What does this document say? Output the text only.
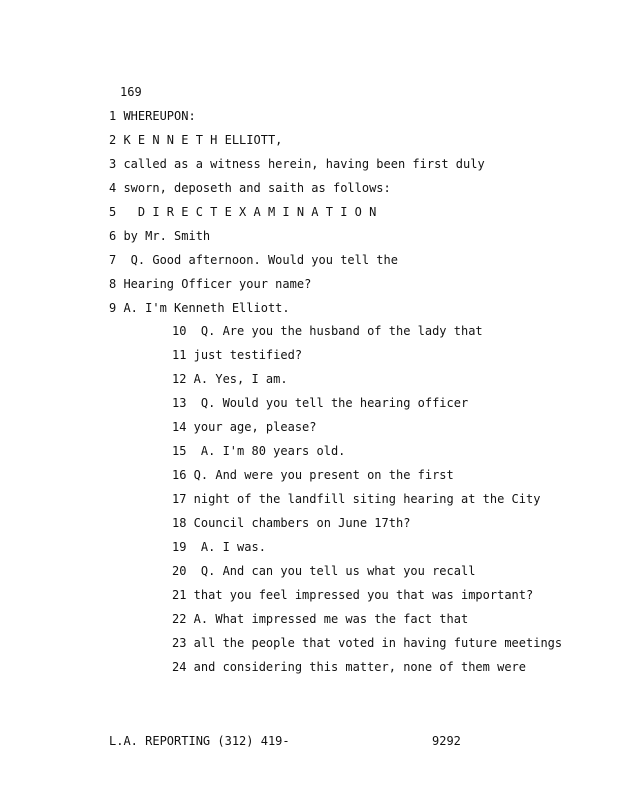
169
1 WHEREUPON:
2 K E N N E T H ELLIOTT,
3 called as a witness herein, having been first duly
4 sworn, deposeth and saith as follows:
5   D I R E C T E X A M I N A T I O N
6 by Mr. Smith
7  Q. Good afternoon. Would you tell the
8 Hearing Officer your name?
9 A. I'm Kenneth Elliott.
10  Q. Are you the husband of the lady that
11 just testified?
12 A. Yes, I am.
13  Q. Would you tell the hearing officer
14 your age, please?
15  A. I'm 80 years old.
16 Q. And were you present on the first
17 night of the landfill siting hearing at the City
18 Council chambers on June 17th?
19  A. I was.
20  Q. And can you tell us what you recall
21 that you feel impressed you that was important?
22 A. What impressed me was the fact that
23 all the people that voted in having future meetings
24 and considering this matter, none of them were
L.A. REPORTING (312) 419-	9292
